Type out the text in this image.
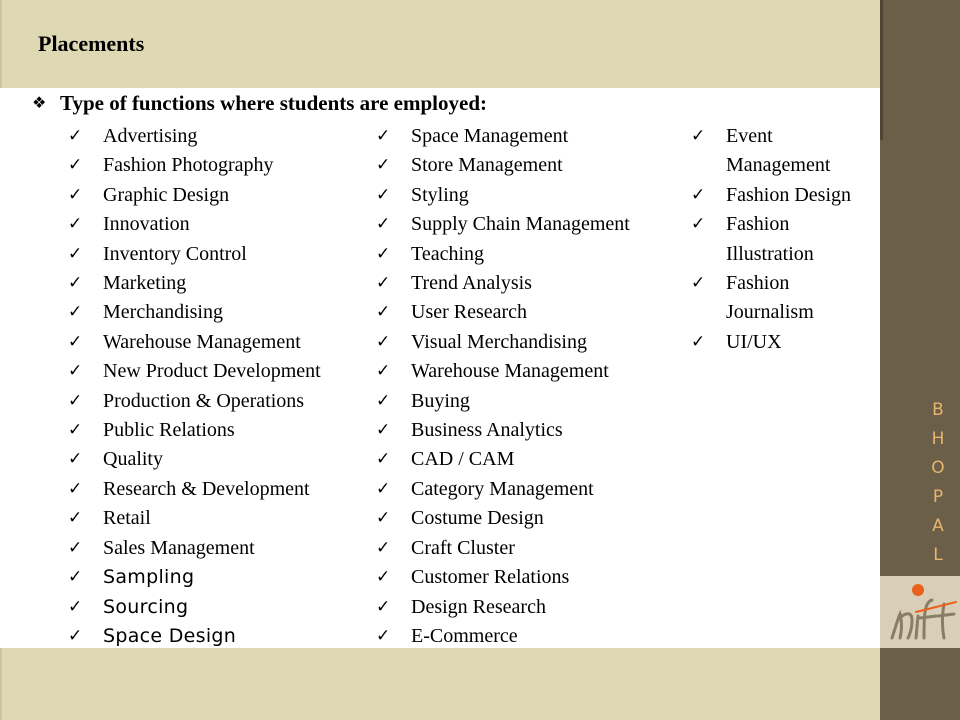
Placements
B
H
O
P
A
L
❖ Type of functions where students are employed:
✓ Advertising
✓ Fashion Photography
✓ Graphic Design
✓ Innovation
✓ Inventory Control
✓ Marketing
✓ Merchandising
✓ Warehouse Management
✓ New Product Development
✓ Production & Operations
✓ Public Relations
✓ Quality
✓ Research & Development
✓ Retail
✓ Sales Management
✓ Sampling
✓ Sourcing
✓ Space Design
✓ Space Management
✓ Store Management
✓ Styling
✓ Supply Chain Management
✓ Teaching
✓ Trend Analysis
✓ User Research
✓ Visual Merchandising
✓ Warehouse Management
✓ Buying
✓ Business Analytics
✓ CAD / CAM
✓ Category Management
✓ Costume Design
✓ Craft Cluster
✓ Customer Relations
✓ Design Research
✓ E-Commerce
✓ Event Management
✓ Fashion Design
✓ Fashion Illustration
✓ Fashion Journalism
✓ UI/UX
